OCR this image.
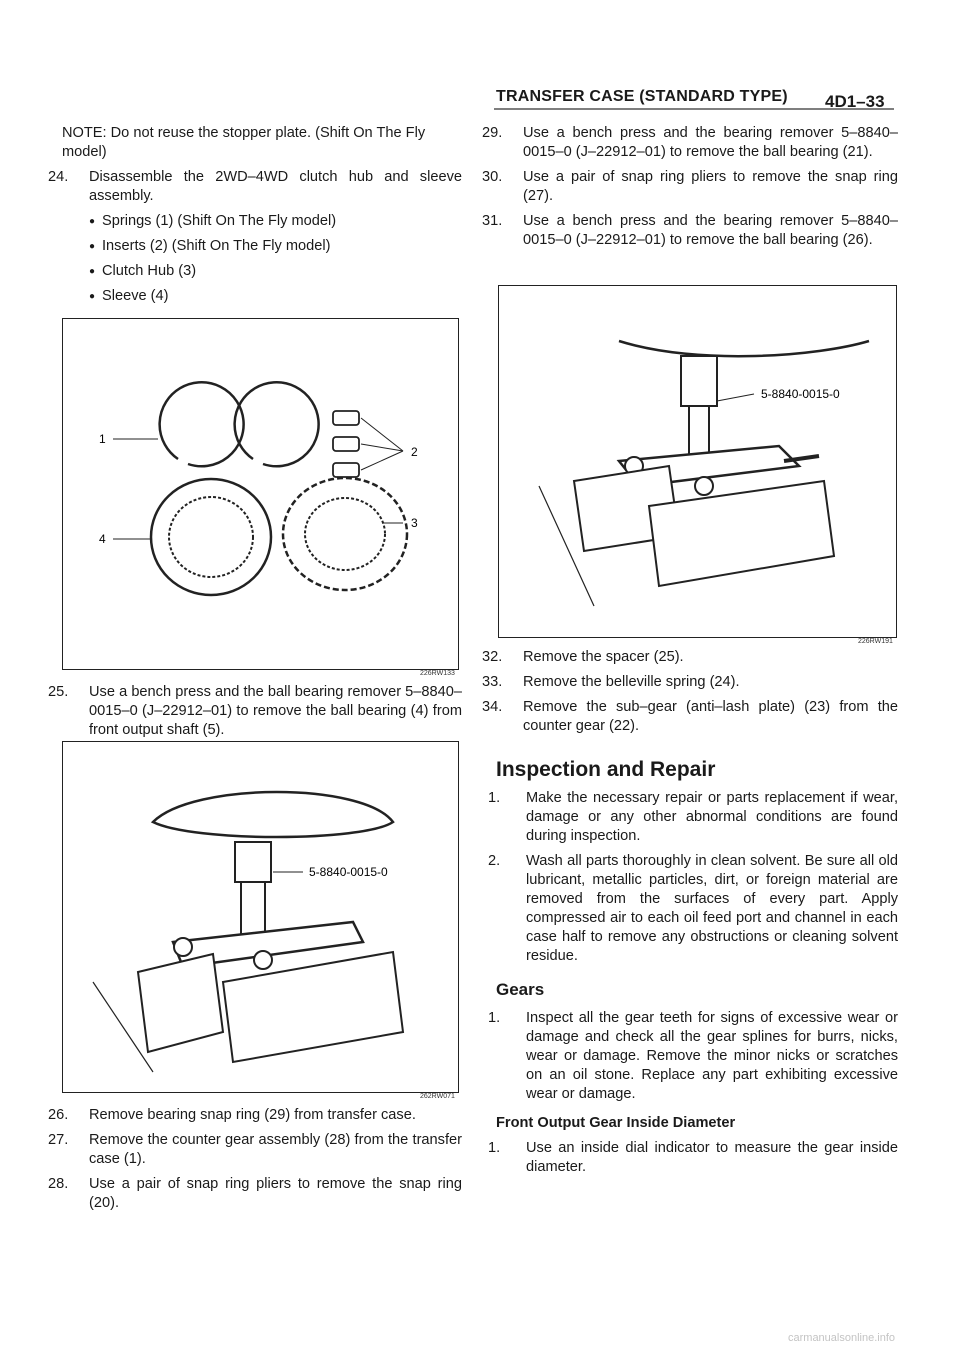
TRANSFER CASE (STANDARD TYPE) 4D1–33

NOTE: Do not reuse the stopper plate. (Shift On The Fly model)

24.	Disassemble the 2WD–4WD clutch hub and sleeve assembly.
● Springs (1) (Shift On The Fly model)
● Inserts (2) (Shift On The Fly model)
● Clutch Hub (3)
● Sleeve (4)
1
2
4
3
226RW133
25.	Use a bench press and the ball bearing remover 5–8840–0015–0 (J–22912–01) to remove the ball bearing (4) from front output shaft (5).
5-8840-0015-0
262RW071
26.	Remove bearing snap ring (29) from transfer case.
27.	Remove the counter gear assembly (28) from the transfer case (1).
28.	Use a pair of snap ring pliers to remove the snap ring (20).
29.	Use a bench press and the bearing remover 5–8840–0015–0 (J–22912–01) to remove the ball bearing (21).
30.	Use a pair of snap ring pliers to remove the snap ring (27).
31.	Use a bench press and the bearing remover 5–8840–0015–0 (J–22912–01) to remove the ball bearing (26).
5-8840-0015-0
226RW191
32.	Remove the spacer (25).
33.	Remove the belleville spring (24).
34.	Remove the sub–gear (anti–lash plate) (23) from the counter gear (22).
Inspection and Repair
1.	Make the necessary repair or parts replacement if wear, damage or any other abnormal conditions are found during inspection.
2.	Wash all parts thoroughly in clean solvent. Be sure all old lubricant, metallic particles, dirt, or foreign material are removed from the surfaces of every part. Apply compressed air to each oil feed port and channel in each case half to remove any obstructions or cleaning solvent residue.
Gears
1.	Inspect all the gear teeth for signs of excessive wear or damage and check all the gear splines for burrs, nicks, wear or damage. Remove the minor nicks or scratches on an oil stone. Replace any part exhibiting excessive wear or damage.

Front Output Gear Inside Diameter

1.	Use an inside dial indicator to measure the gear inside diameter.
carmanualsonline.info
